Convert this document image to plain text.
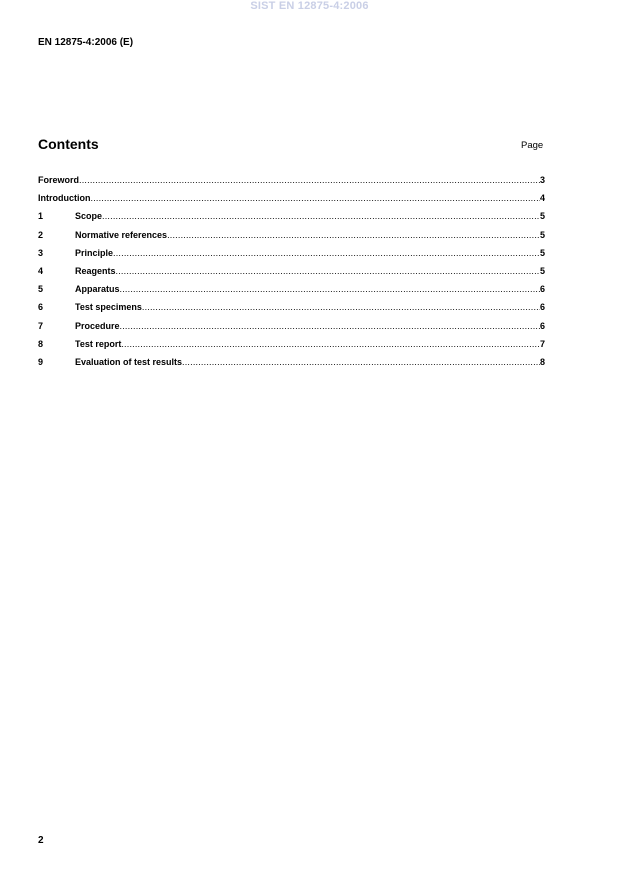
SIST EN 12875-4:2006
EN 12875-4:2006 (E)
Contents	Page
Foreword .....	3
Introduction .....	4
1	Scope .....	5
2	Normative references .....	5
3	Principle .....	5
4	Reagents .....	5
5	Apparatus .....	6
6	Test specimens .....	6
7	Procedure .....	6
8	Test report .....	7
9	Evaluation of test results .....	8
2
